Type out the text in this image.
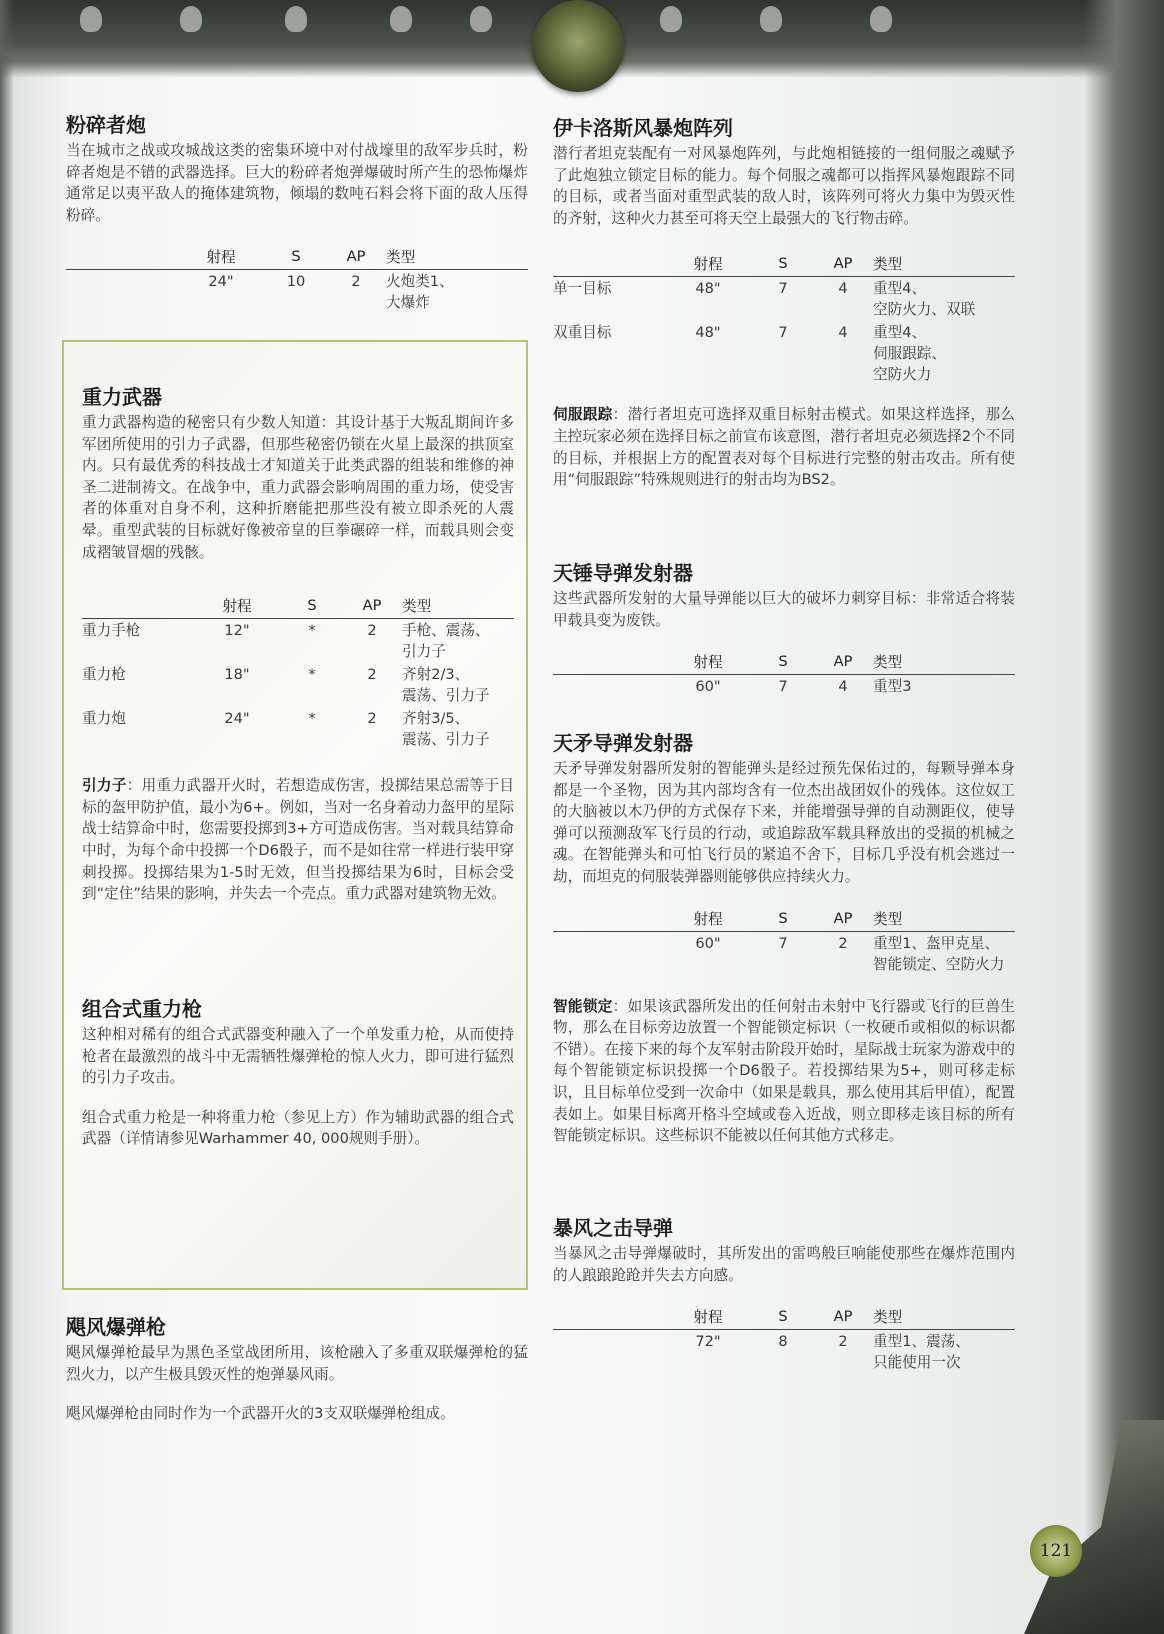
121
粉碎者炮

当在城市之战或攻城战这类的密集环境中对付战壕里的敌军步兵时，粉碎者炮是不错的武器选择。巨大的粉碎者炮弹爆破时所产生的恐怖爆炸通常足以夷平敌人的掩体建筑物，倾塌的数吨石料会将下面的敌人压得粉碎。

	射程	S	AP	类型
	24"	10	2	火炮类1、
大爆炸
重力武器

重力武器构造的秘密只有少数人知道：其设计基于大叛乱期间许多军团所使用的引力子武器，但那些秘密仍锁在火星上最深的拱顶室内。只有最优秀的科技战士才知道关于此类武器的组装和维修的神圣二进制祷文。在战争中，重力武器会影响周围的重力场，使受害者的体重对自身不利，这种折磨能把那些没有被立即杀死的人震晕。重型武装的目标就好像被帝皇的巨拳碾碎一样，而载具则会变成褶皱冒烟的残骸。

	射程	S	AP	类型
重力手枪	12"	*	2	手枪、震荡、
引力子

重力枪	18"	*	2	齐射2/3、
震荡、引力子

重力炮	24"	*	2	齐射3/5、
震荡、引力子

引力子：用重力武器开火时，若想造成伤害，投掷结果总需等于目标的盔甲防护值，最小为6+。例如，当对一名身着动力盔甲的星际战士结算命中时，您需要投掷到3+方可造成伤害。当对载具结算命中时，为每个命中投掷一个D6骰子，而不是如往常一样进行装甲穿刺投掷。投掷结果为1-5时无效，但当投掷结果为6时，目标会受到“定住”结果的影响，并失去一个壳点。重力武器对建筑物无效。

组合式重力枪

这种相对稀有的组合式武器变种融入了一个单发重力枪，从而使持枪者在最激烈的战斗中无需牺牲爆弹枪的惊人火力，即可进行猛烈的引力子攻击。

组合式重力枪是一种将重力枪（参见上方）作为辅助武器的组合式武器（详情请参见Warhammer 40, 000规则手册）。

飓风爆弹枪

飓风爆弹枪最早为黑色圣堂战团所用，该枪融入了多重双联爆弹枪的猛烈火力，以产生极具毁灭性的炮弹暴风雨。

飓风爆弹枪由同时作为一个武器开火的3支双联爆弹枪组成。

伊卡洛斯风暴炮阵列

潜行者坦克装配有一对风暴炮阵列，与此炮相链接的一组伺服之魂赋予了此炮独立锁定目标的能力。每个伺服之魂都可以指挥风暴炮跟踪不同的目标，或者当面对重型武装的敌人时，该阵列可将火力集中为毁灭性的齐射，这种火力甚至可将天空上最强大的飞行物击碎。

	射程	S	AP	类型
单一目标	48"	7	4	重型4、
空防火力、双联

双重目标	48"	7	4	重型4、
伺服跟踪、
空防火力

伺服跟踪：潜行者坦克可选择双重目标射击模式。如果这样选择，那么主控玩家必须在选择目标之前宣布该意图，潜行者坦克必须选择2个不同的目标，并根据上方的配置表对每个目标进行完整的射击攻击。所有使用“伺服跟踪”特殊规则进行的射击均为BS2。

天锤导弹发射器

这些武器所发射的大量导弹能以巨大的破坏力刺穿目标：非常适合将装甲载具变为废铁。

	射程	S	AP	类型
	60"	7	4	重型3
天矛导弹发射器

天矛导弹发射器所发射的智能弹头是经过预先保佑过的，每颗导弹本身都是一个圣物，因为其内部均含有一位杰出战团奴仆的残体。这位奴工的大脑被以木乃伊的方式保存下来，并能增强导弹的自动测距仪，使导弹可以预测敌军飞行员的行动，或追踪敌军载具释放出的受损的机械之魂。在智能弹头和可怕飞行员的紧追不舍下，目标几乎没有机会逃过一劫，而坦克的伺服装弹器则能够供应持续火力。

	射程	S	AP	类型
	60"	7	2	重型1、盔甲克星、
智能锁定、空防火力

智能锁定：如果该武器所发出的任何射击未射中飞行器或飞行的巨兽生物，那么在目标旁边放置一个智能锁定标识（一枚硬币或相似的标识都不错）。在接下来的每个友军射击阶段开始时，星际战士玩家为游戏中的每个智能锁定标识投掷一个D6骰子。若投掷结果为5+，则可移走标识，且目标单位受到一次命中（如果是载具，那么使用其后甲值），配置表如上。如果目标离开格斗空域或卷入近战，则立即移走该目标的所有智能锁定标识。这些标识不能被以任何其他方式移走。

暴风之击导弹

当暴风之击导弹爆破时，其所发出的雷鸣般巨响能使那些在爆炸范围内的人踉踉跄跄并失去方向感。

	射程	S	AP	类型
	72"	8	2	重型1、震荡、
只能使用一次
